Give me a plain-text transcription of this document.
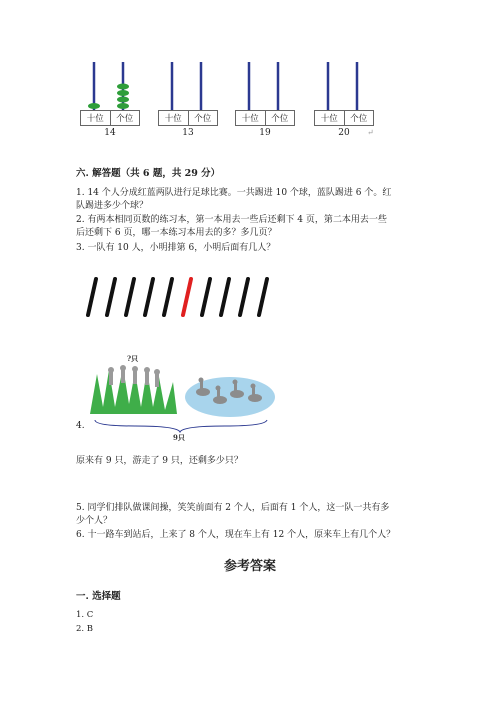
十位	个位
14
十位	个位
13
十位	个位
19
十位	个位
20	↵
六. 解答题（共 6 题，共 29 分）
1. 14 个人分成红蓝两队进行足球比赛。一共踢进 10 个球，蓝队踢进 6 个。红
队踢进多少个球？
2. 有两本相同页数的练习本，第一本用去一些后还剩下 4 页，第二本用去一些
后还剩下 6 页，哪一本练习本用去的多？多几页？
3. 一队有 10 人，小明排第 6，小明后面有几人？
?只
9只
4.
原来有 9 只，游走了 9 只，还剩多少只？
5. 同学们排队做课间操，笑笑前面有 2 个人，后面有 1 个人，这一队一共有多
少个人？
6. 十一路车到站后，上来了 8 个人，现在车上有 12 个人，原来车上有几个人？
参考答案
一. 选择题
1. C
2. B
